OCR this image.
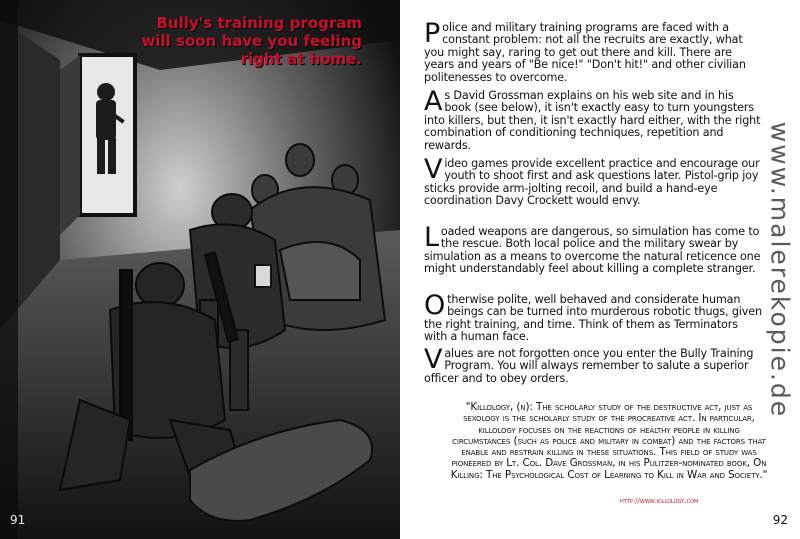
Bully's training program will soon have you feeling right at home.
91
Police and military training programs are faced with a constant problem: not all the recruits are exactly, what you might say, raring to get out there and kill. There are years and years of "Be nice!" "Don't hit!" and other civilian politenesses to overcome.
As David Grossman explains on his web site and in his book (see below), it isn't exactly easy to turn youngsters into killers, but then, it isn't exactly hard either, with the right combination of conditioning techniques, repetition and rewards.
Video games provide excellent practice and encourage our youth to shoot first and ask questions later. Pistol-grip joy sticks provide arm-jolting recoil, and build a hand-eye coordination Davy Crockett would envy.
Loaded weapons are dangerous, so simulation has come to the rescue. Both local police and the military swear by simulation as a means to overcome the natural reticence one might understandably feel about killing a complete stranger.
Otherwise polite, well behaved and considerate human beings can be turned into murderous robotic thugs, given the right training, and time. Think of them as Terminators with a human face.
Values are not forgotten once you enter the Bully Training Program. You will always remember to salute a superior officer and to obey orders.
"Killology, (n): The scholarly study of the destructive act, just as sexology is the scholarly study of the procreative act. In particular, killology focuses on the reactions of healthy people in killing circumstances (such as police and military in combat) and the factors that enable and restrain killing in these situations. This field of study was pioneered by Lt. Col. Dave Grossman, in his Pulitzer-nominated book, On Killing: The Psychological Cost of Learning to Kill in War and Society."
http://www.killology.com
www.malerekopie.de
92
